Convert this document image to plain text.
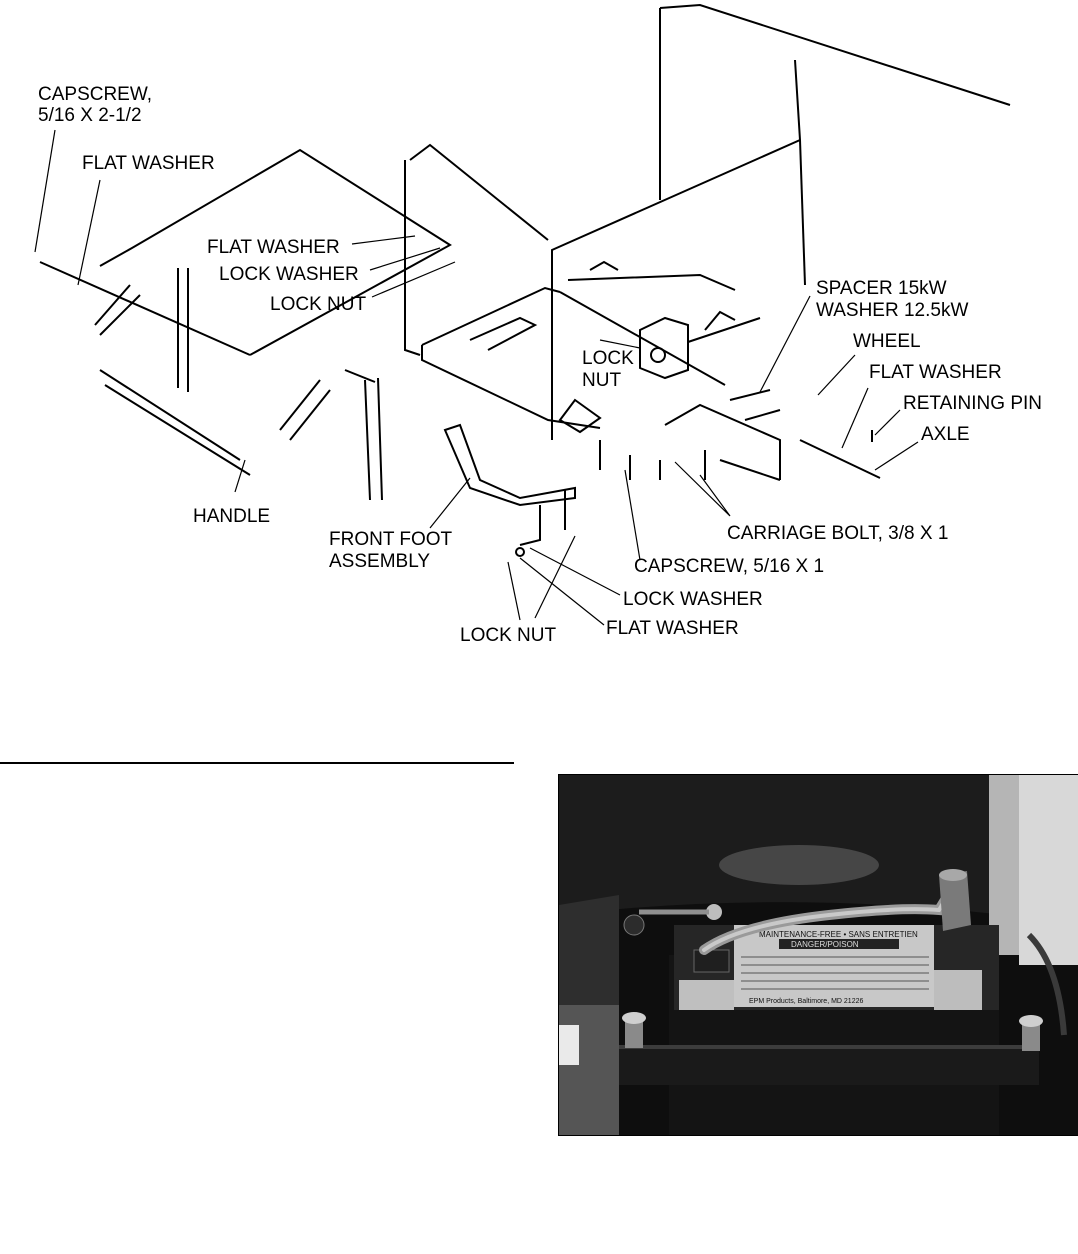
CAPSCREW,
5/16 X 2-1/2
FLAT WASHER
FLAT WASHER
LOCK WASHER
LOCK NUT
LOCK
NUT
SPACER 15kW
WASHER 12.5kW
WHEEL
FLAT WASHER
RETAINING PIN
AXLE
HANDLE
FRONT FOOT
ASSEMBLY
CARRIAGE BOLT, 3/8 X 1
CAPSCREW, 5/16 X 1
LOCK WASHER
FLAT WASHER
LOCK NUT
MAINTENANCE-FREE • SANS ENTRETIEN
DANGER/POISON
EPM Products, Baltimore, MD 21226
